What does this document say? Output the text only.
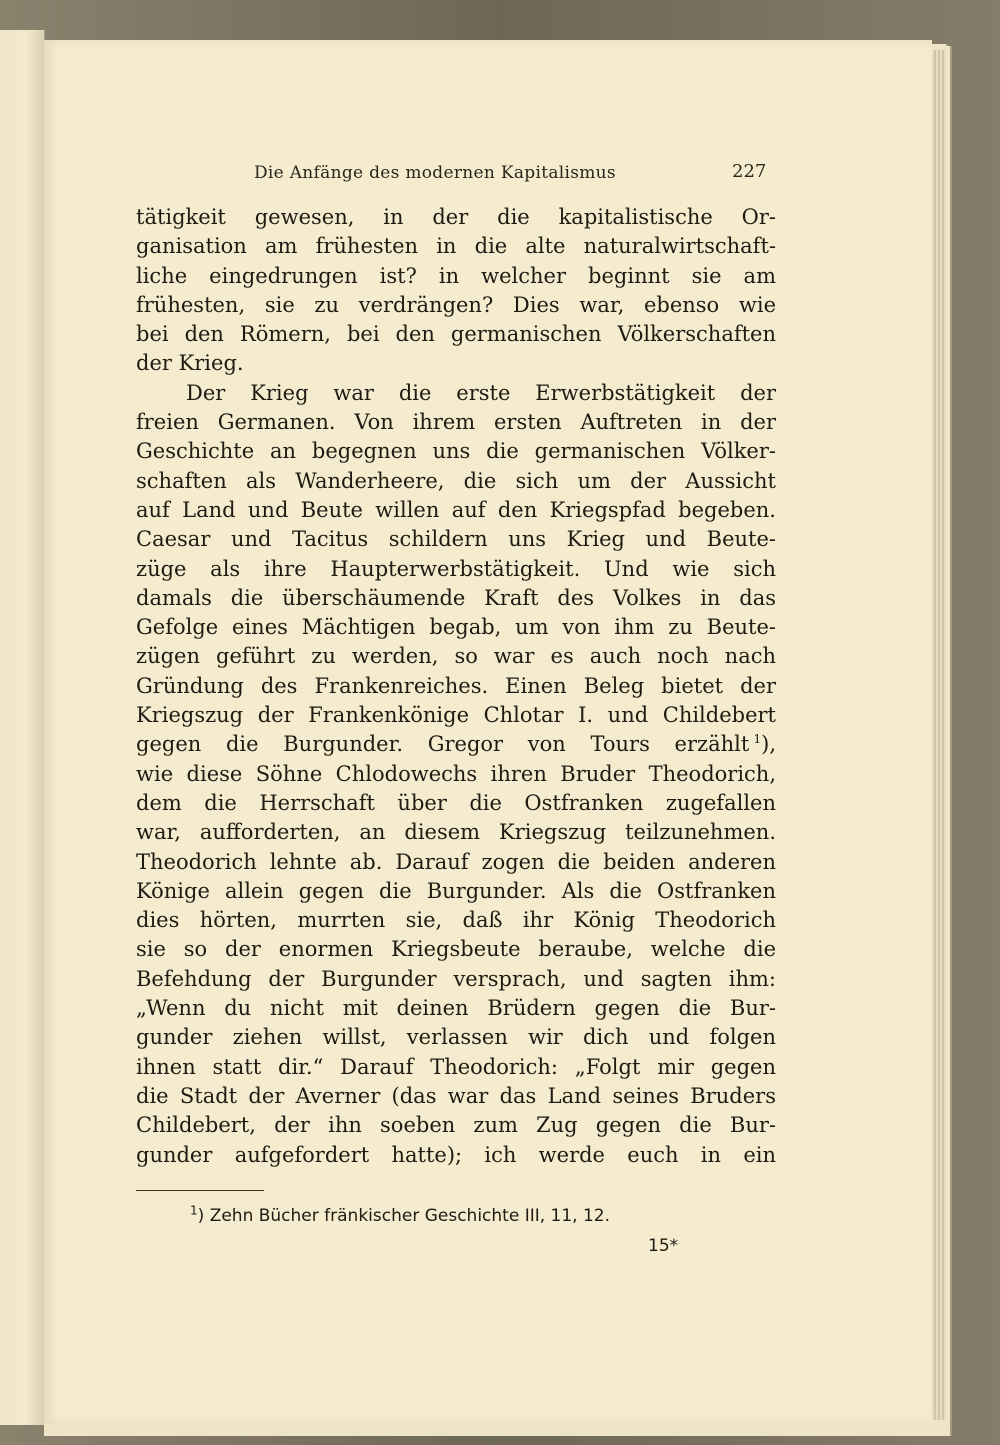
Die Anfänge des modernen Kapitalismus	227
tätigkeit gewesen, in der die kapitalistische Or-
ganisation am frühesten in die alte naturalwirtschaft-
liche eingedrungen ist? in welcher beginnt sie am
frühesten, sie zu verdrängen? Dies war, ebenso wie
bei den Römern, bei den germanischen Völkerschaften
der Krieg.
Der Krieg war die erste Erwerbstätigkeit der
freien Germanen. Von ihrem ersten Auftreten in der
Geschichte an begegnen uns die germanischen Völker-
schaften als Wanderheere, die sich um der Aussicht
auf Land und Beute willen auf den Kriegspfad begeben.
Caesar und Tacitus schildern uns Krieg und Beute-
züge als ihre Haupterwerbstätigkeit. Und wie sich
damals die überschäumende Kraft des Volkes in das
Gefolge eines Mächtigen begab, um von ihm zu Beute-
zügen geführt zu werden, so war es auch noch nach
Gründung des Frankenreiches. Einen Beleg bietet der
Kriegszug der Frankenkönige Chlotar I. und Childebert
gegen die Burgunder. Gregor von Tours erzählt  $^1$),
wie diese Söhne Chlodowechs ihren Bruder Theodorich,
dem die Herrschaft über die Ostfranken zugefallen
war, aufforderten, an diesem Kriegszug teilzunehmen.
Theodorich lehnte ab. Darauf zogen die beiden anderen
Könige allein gegen die Burgunder. Als die Ostfranken
dies hörten, murrten sie, daß ihr König Theodorich
sie so der enormen Kriegsbeute beraube, welche die
Befehdung der Burgunder versprach, und sagten ihm:
„Wenn du nicht mit deinen Brüdern gegen die Bur-
gunder ziehen willst, verlassen wir dich und folgen
ihnen statt dir.“ Darauf Theodorich: „Folgt mir gegen
die Stadt der Averner (das war das Land seines Bruders
Childebert, der ihn soeben zum Zug gegen die Bur-
gunder aufgefordert hatte); ich werde euch in ein
$^1$) Zehn Bücher fränkischer Geschichte III, 11, 12.
15*
